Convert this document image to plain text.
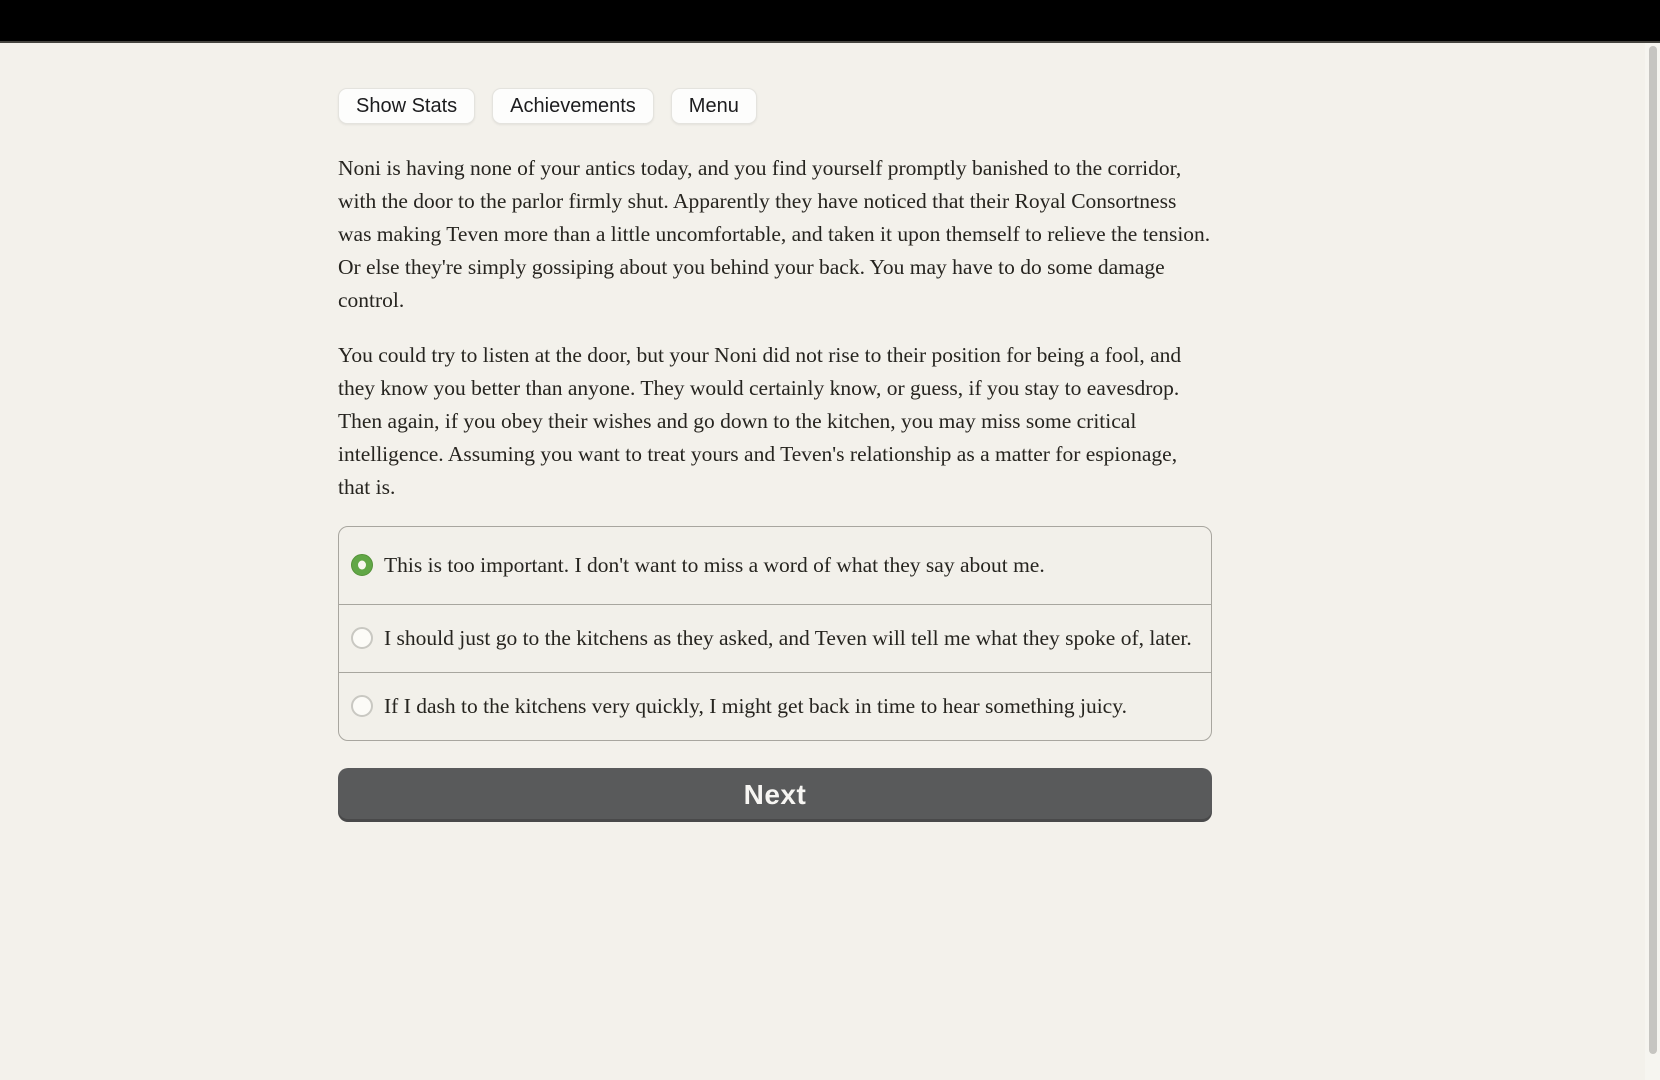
Show Stats	Achievements	Menu

Noni is having none of your antics today, and you find yourself promptly banished to the corridor, with the door to the parlor firmly shut. Apparently they have noticed that their Royal Consortness was making Teven more than a little uncomfortable, and taken it upon themself to relieve the tension. Or else they're simply gossiping about you behind your back. You may have to do some damage control.

You could try to listen at the door, but your Noni did not rise to their position for being a fool, and they know you better than anyone. They would certainly know, or guess, if you stay to eavesdrop. Then again, if you obey their wishes and go down to the kitchen, you may miss some critical intelligence. Assuming you want to treat yours and Teven's relationship as a matter for espionage, that is.

This is too important. I don't want to miss a word of what they say about me.
I should just go to the kitchens as they asked, and Teven will tell me what they spoke of, later.
If I dash to the kitchens very quickly, I might get back in time to hear something juicy.
Next
